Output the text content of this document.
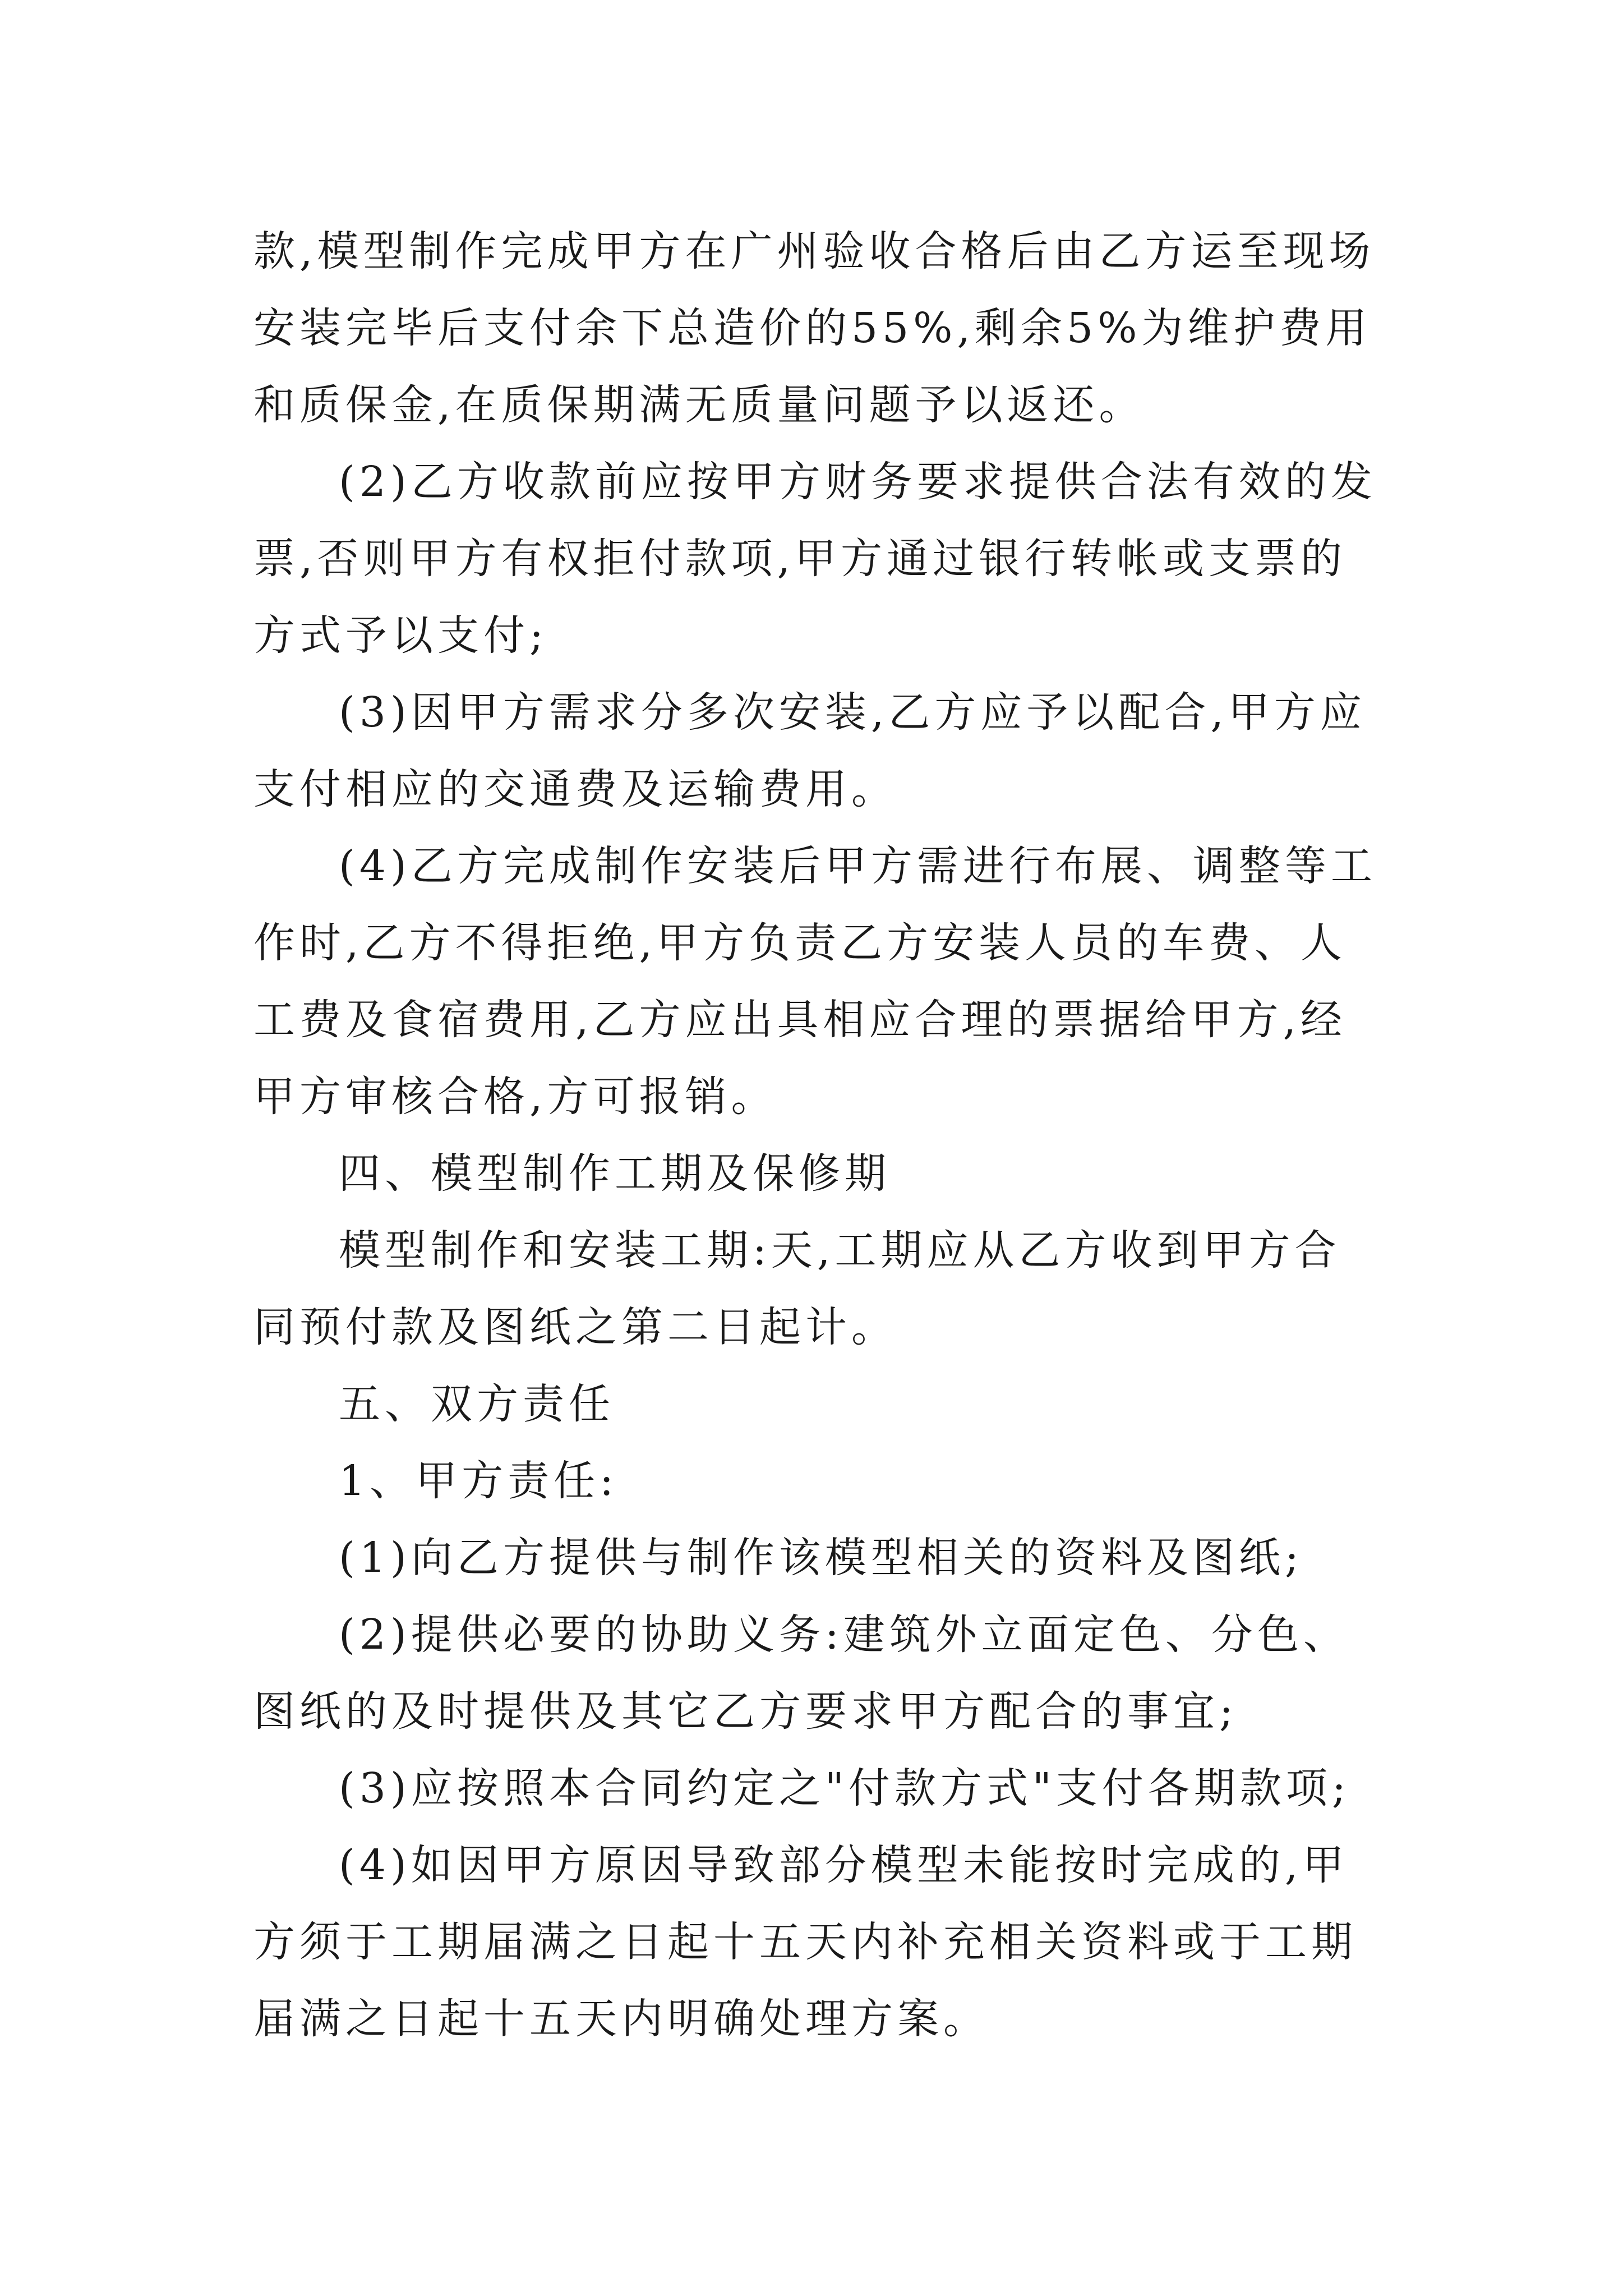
款,模型制作完成甲方在广州验收合格后由乙方运至现场安装完毕后支付余下总造价的55%,剩余5%为维护费用和质保金,在质保期满无质量问题予以返还。

(2)乙方收款前应按甲方财务要求提供合法有效的发票,否则甲方有权拒付款项,甲方通过银行转帐或支票的方式予以支付;

(3)因甲方需求分多次安装,乙方应予以配合,甲方应支付相应的交通费及运输费用。

(4)乙方完成制作安装后甲方需进行布展、调整等工作时,乙方不得拒绝,甲方负责乙方安装人员的车费、人工费及食宿费用,乙方应出具相应合理的票据给甲方,经甲方审核合格,方可报销。

四、模型制作工期及保修期

模型制作和安装工期:天,工期应从乙方收到甲方合同预付款及图纸之第二日起计。

五、双方责任

1、甲方责任:

(1)向乙方提供与制作该模型相关的资料及图纸;

(2)提供必要的协助义务:建筑外立面定色、分色、图纸的及时提供及其它乙方要求甲方配合的事宜;

(3)应按照本合同约定之"付款方式"支付各期款项;

(4)如因甲方原因导致部分模型未能按时完成的,甲方须于工期届满之日起十五天内补充相关资料或于工期届满之日起十五天内明确处理方案。
